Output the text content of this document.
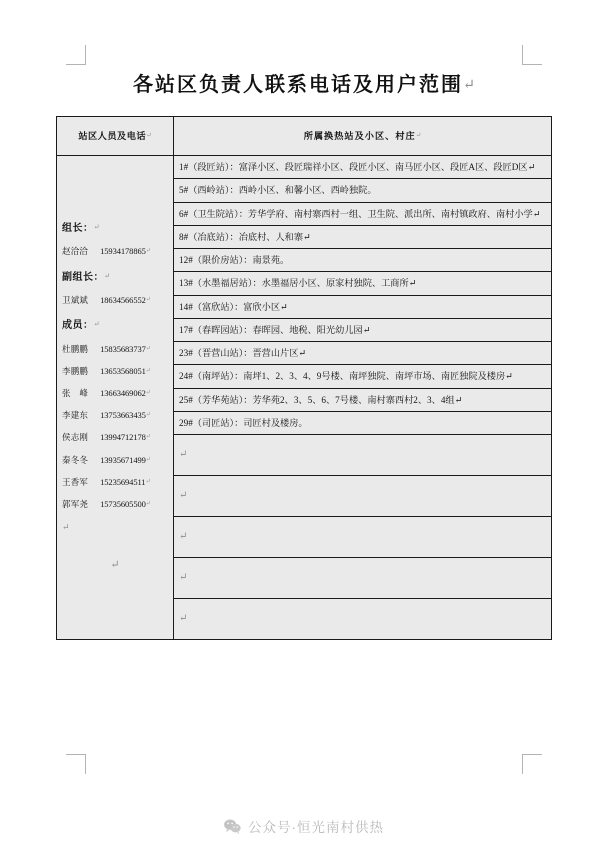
各站区负责人联系电话及用户范围↵
站区人员及电话↵	所属换热站及小区、村庄↵

组长：↵
赵洽洽 15934178865↵
副组长：↵
卫斌斌 18634566552↵
成员：↵
杜鹏鹏 15835683737↵
李鹏鹏 13653568051↵
张　峰 13663469062↵
李建东 13753663435↵
侯志刚 13994712178↵
秦冬冬 13935671499↵
王香军 15235694511↵
郭军尧 15735605500↵
↵
↵
	1#（段匠站）：富泽小区、段匠瑞祥小区、段匠小区、南马匠小区、段匠A区、段匠D区↵
	5#（西岭站）：西岭小区、和馨小区、西岭独院。
	6#（卫生院站）：芳华学府、南村寨西村一组、卫生院、派出所、南村镇政府、南村小学↵
	8#（冶底站）：冶底村、人和寨↵
	12#（限价房站）：南景苑。
	13#（水墨福居站）：水墨福居小区、原家村独院、工商所↵
	14#（富欣站）：富欣小区↵
	17#（春晖园站）：春晖园、地税、阳光幼儿园↵
	23#（晋营山站）：晋营山片区↵
	24#（南坪站）：南坪1、2、3、4、9号楼、南坪独院、南坪市场、南匠独院及楼房↵
	25#（芳华苑站）：芳华苑2、3、5、6、7号楼、南村寨西村2、3、4组↵
	29#（司匠站）：司匠村及楼房。
	↵
	↵
	↵
	↵
	↵
公众号·恒光南村供热
